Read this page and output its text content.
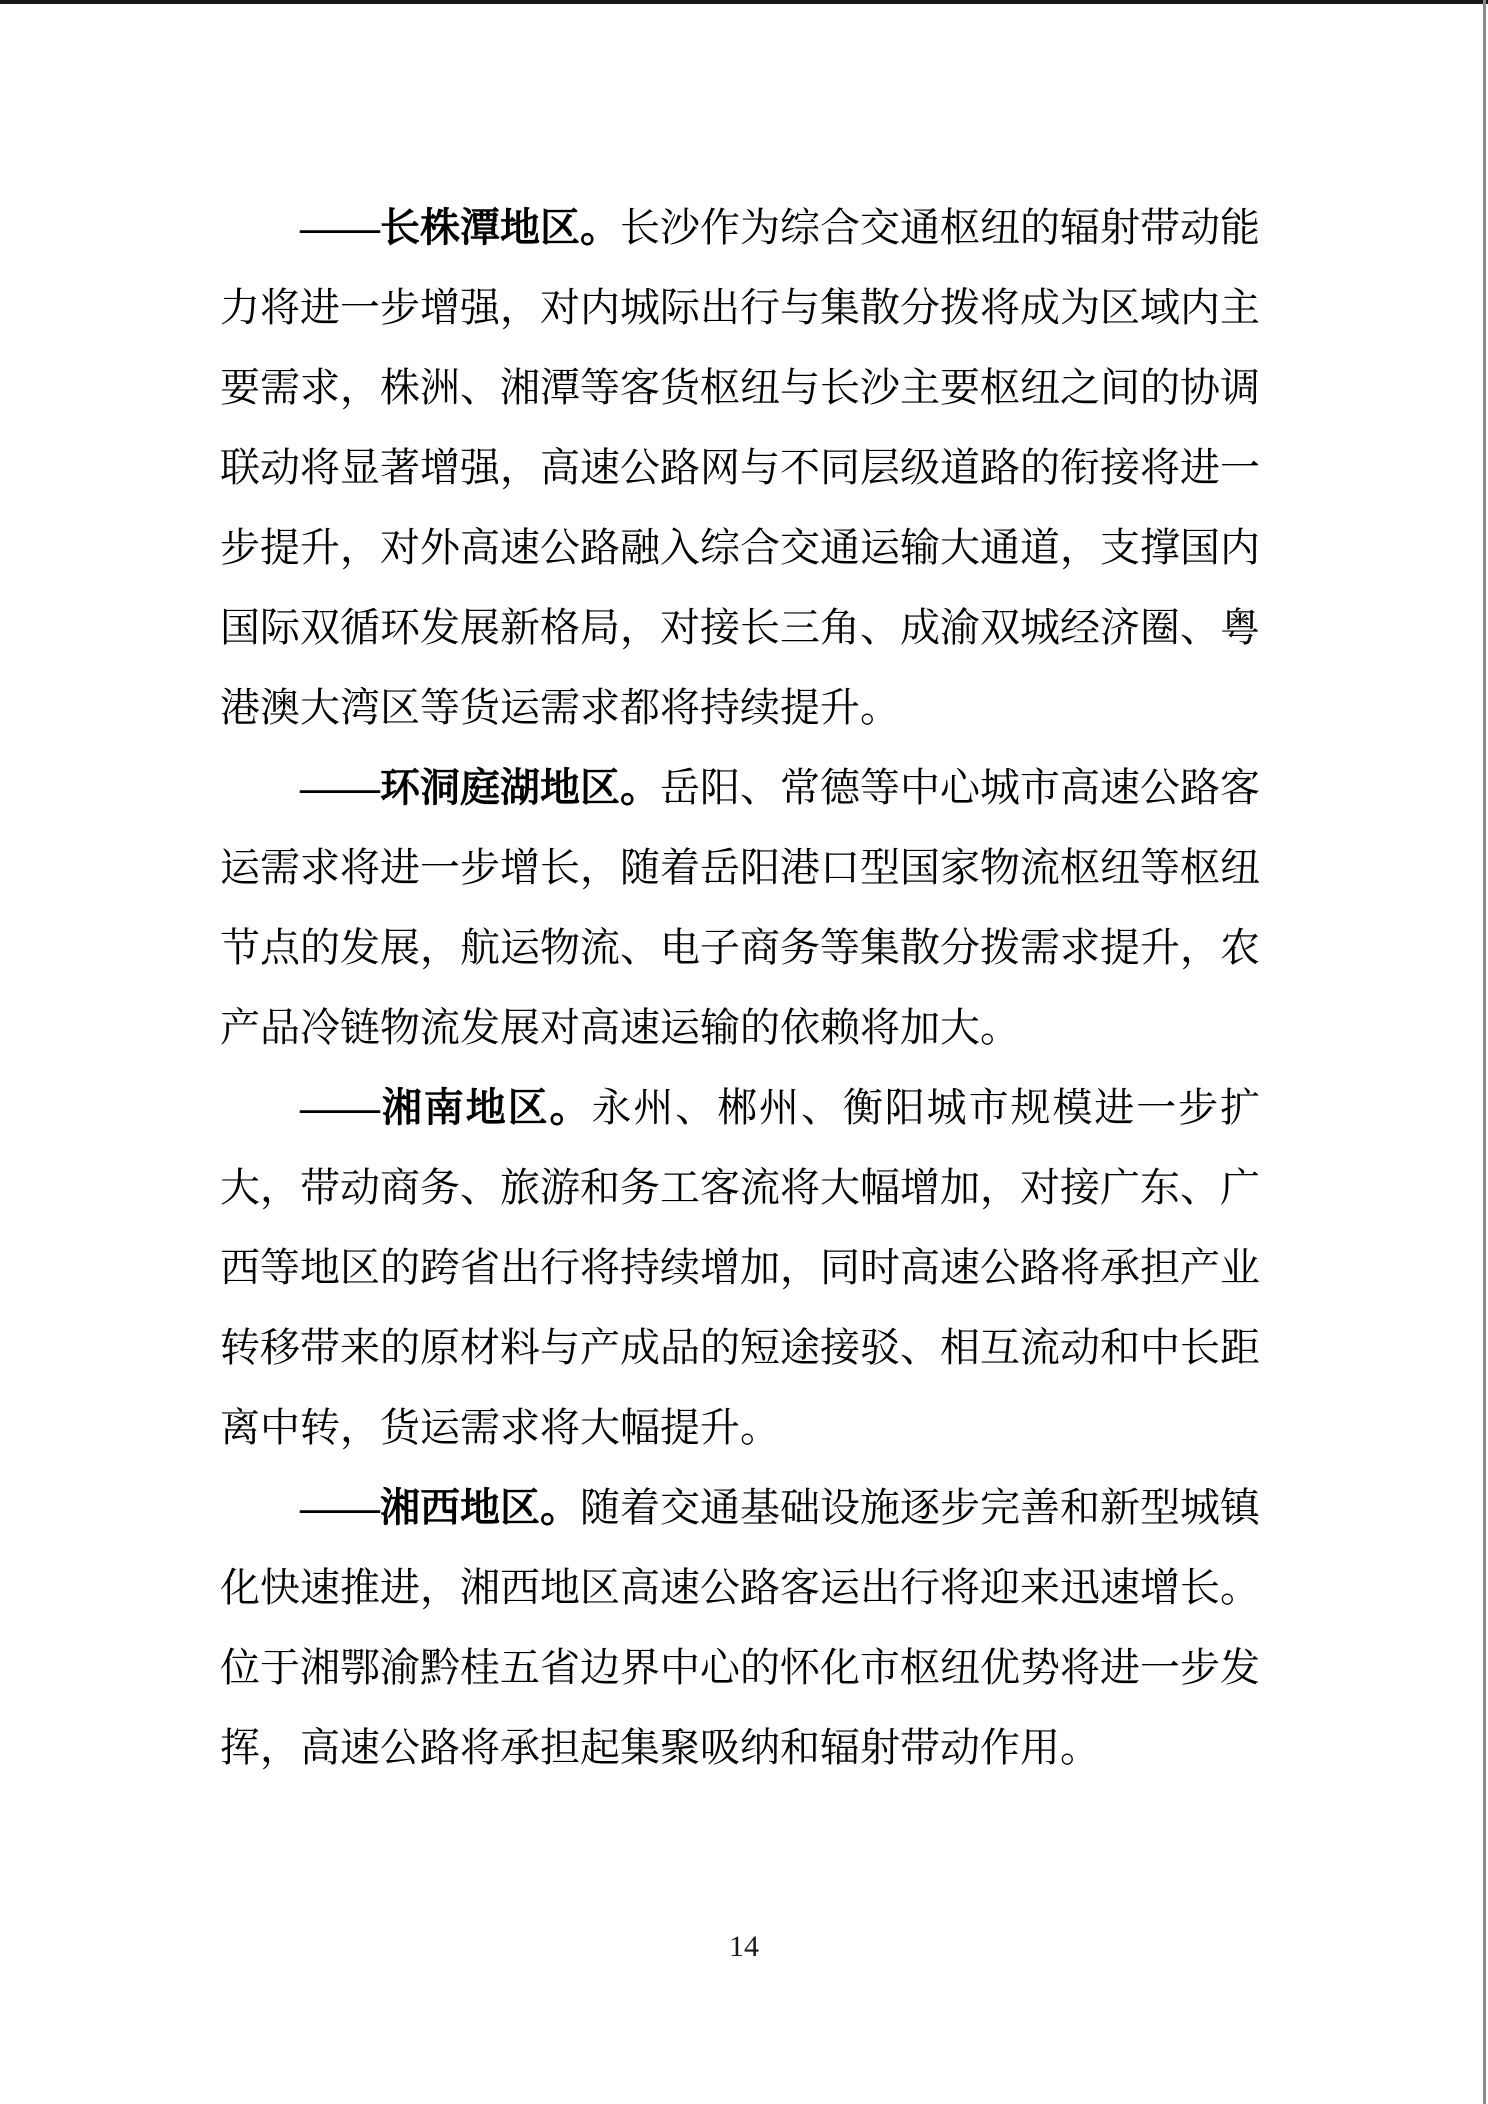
——长株潭地区。长沙作为综合交通枢纽的辐射带动能力将进一步增强，对内城际出行与集散分拨将成为区域内主要需求，株洲、湘潭等客货枢纽与长沙主要枢纽之间的协调联动将显著增强，高速公路网与不同层级道路的衔接将进一步提升，对外高速公路融入综合交通运输大通道，支撑国内国际双循环发展新格局，对接长三角、成渝双城经济圈、粤港澳大湾区等货运需求都将持续提升。

——环洞庭湖地区。岳阳、常德等中心城市高速公路客运需求将进一步增长，随着岳阳港口型国家物流枢纽等枢纽节点的发展，航运物流、电子商务等集散分拨需求提升，农产品冷链物流发展对高速运输的依赖将加大。

——湘南地区。永州、郴州、衡阳城市规模进一步扩大，带动商务、旅游和务工客流将大幅增加，对接广东、广西等地区的跨省出行将持续增加，同时高速公路将承担产业转移带来的原材料与产成品的短途接驳、相互流动和中长距离中转，货运需求将大幅提升。

——湘西地区。随着交通基础设施逐步完善和新型城镇化快速推进，湘西地区高速公路客运出行将迎来迅速增长。位于湘鄂渝黔桂五省边界中心的怀化市枢纽优势将进一步发挥，高速公路将承担起集聚吸纳和辐射带动作用。

14
